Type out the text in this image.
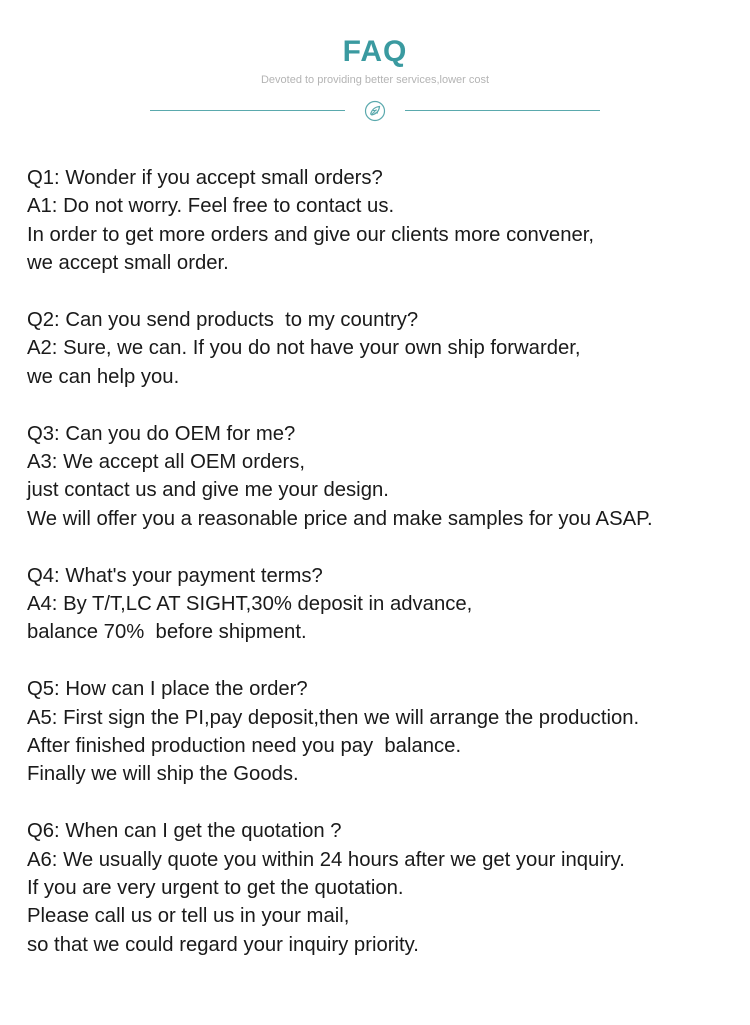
FAQ
Devoted to providing better services,lower cost
Q1: Wonder if you accept small orders?
A1: Do not worry. Feel free to contact us.
In order to get more orders and give our clients more convener,
we accept small order.
Q2: Can you send products  to my country?
A2: Sure, we can. If you do not have your own ship forwarder,
we can help you.
Q3: Can you do OEM for me?
A3: We accept all OEM orders,
just contact us and give me your design.
We will offer you a reasonable price and make samples for you ASAP.
Q4: What's your payment terms?
A4: By T/T,LC AT SIGHT,30% deposit in advance,
balance 70%  before shipment.
Q5: How can I place the order?
A5: First sign the PI,pay deposit,then we will arrange the production.
After finished production need you pay  balance.
Finally we will ship the Goods.
Q6: When can I get the quotation ?
A6: We usually quote you within 24 hours after we get your inquiry.
If you are very urgent to get the quotation.
Please call us or tell us in your mail,
so that we could regard your inquiry priority.
